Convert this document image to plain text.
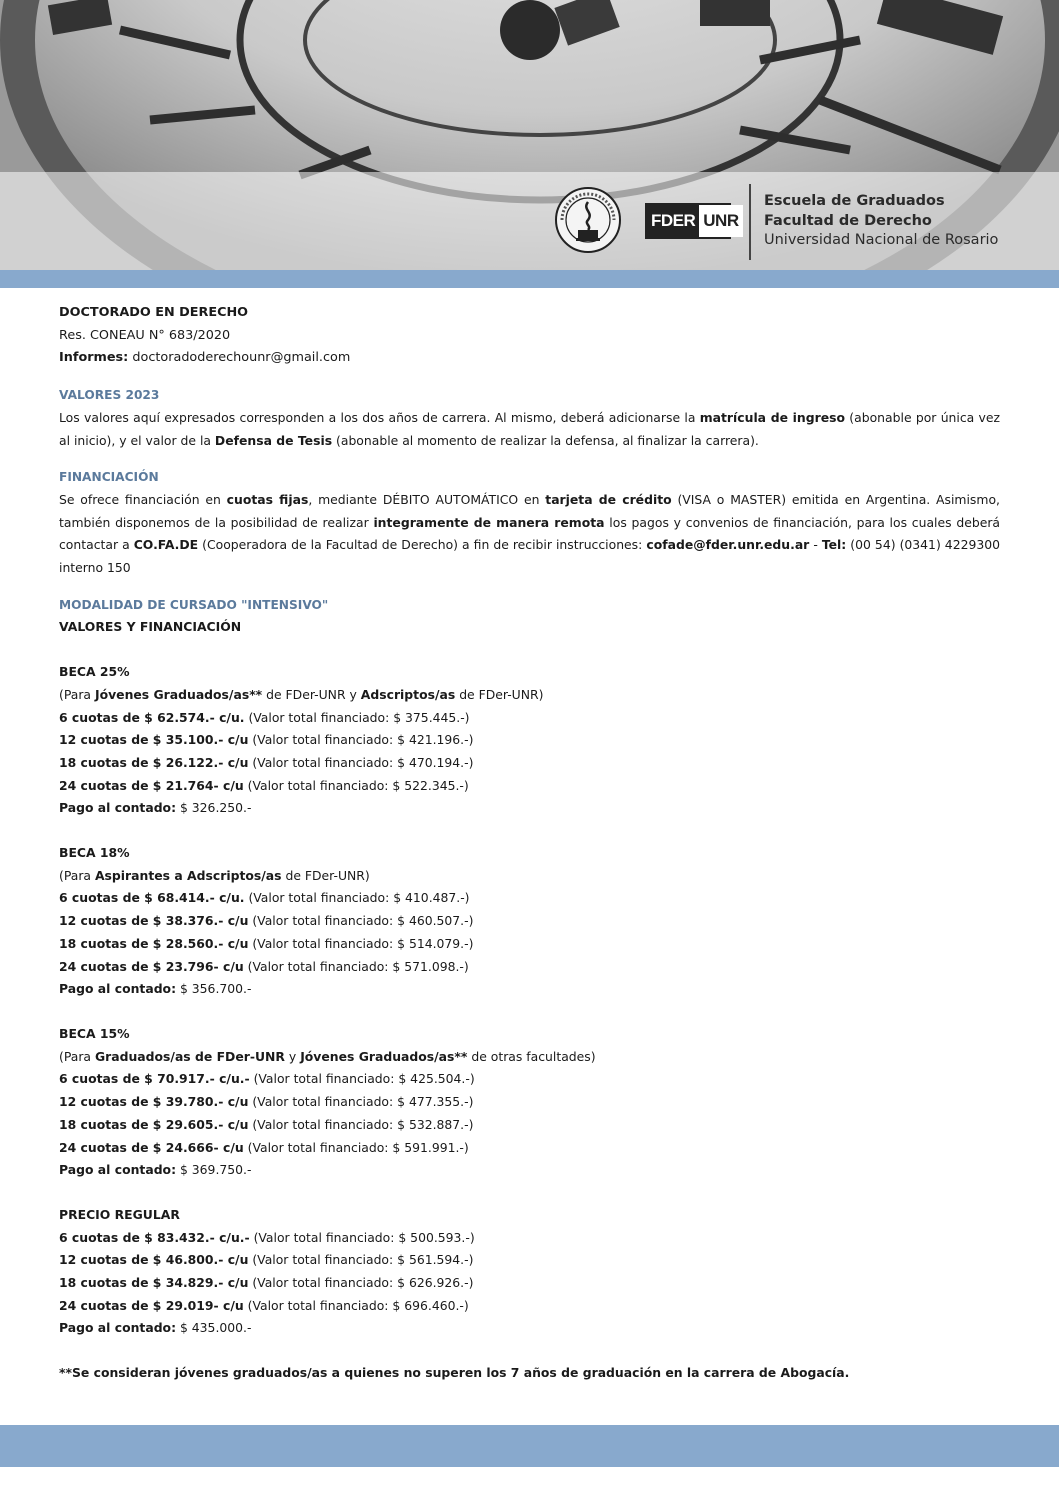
FDER UNR
Escuela de Graduados
Facultad de Derecho
Universidad Nacional de Rosario

DOCTORADO EN DERECHO

Res. CONEAU N° 683/2020

Informes: doctoradoderechounr@gmail.com

VALORES 2023

Los valores aquí expresados corresponden a los dos años de carrera. Al mismo, deberá adicionarse la matrícula de ingreso (abonable por única vez al inicio), y el valor de la Defensa de Tesis (abonable al momento de realizar la defensa, al finalizar la carrera).

FINANCIACIÓN

Se ofrece financiación en cuotas fijas, mediante DÉBITO AUTOMÁTICO en tarjeta de crédito (VISA o MASTER) emitida en Argentina. Asimismo, también disponemos de la posibilidad de realizar integramente de manera remota los pagos y convenios de financiación, para los cuales deberá contactar a CO.FA.DE (Cooperadora de la Facultad de Derecho) a fin de recibir instrucciones: cofade@fder.unr.edu.ar - Tel: (00 54) (0341) 4229300 interno 150

MODALIDAD DE CURSADO "INTENSIVO"

VALORES Y FINANCIACIÓN

BECA 25%

(Para Jóvenes Graduados/as** de FDer-UNR y Adscriptos/as de FDer-UNR)

6 cuotas de $ 62.574.- c/u. (Valor total financiado: $ 375.445.-)

12 cuotas de $ 35.100.- c/u (Valor total financiado: $ 421.196.-)

18 cuotas de $ 26.122.- c/u (Valor total financiado: $ 470.194.-)

24 cuotas de $ 21.764- c/u (Valor total financiado: $ 522.345.-)

Pago al contado: $ 326.250.-

BECA 18%

(Para Aspirantes a Adscriptos/as de FDer-UNR)

6 cuotas de $ 68.414.- c/u. (Valor total financiado: $ 410.487.-)

12 cuotas de $ 38.376.- c/u (Valor total financiado: $ 460.507.-)

18 cuotas de $ 28.560.- c/u (Valor total financiado: $ 514.079.-)

24 cuotas de $ 23.796- c/u (Valor total financiado: $ 571.098.-)

Pago al contado: $ 356.700.-

BECA 15%

(Para Graduados/as de FDer-UNR y Jóvenes Graduados/as** de otras facultades)

6 cuotas de $ 70.917.- c/u.- (Valor total financiado: $ 425.504.-)

12 cuotas de $ 39.780.- c/u (Valor total financiado: $ 477.355.-)

18 cuotas de $ 29.605.- c/u (Valor total financiado: $ 532.887.-)

24 cuotas de $ 24.666- c/u (Valor total financiado: $ 591.991.-)

Pago al contado: $ 369.750.-

PRECIO REGULAR

6 cuotas de $ 83.432.- c/u.- (Valor total financiado: $ 500.593.-)

12 cuotas de $ 46.800.- c/u (Valor total financiado: $ 561.594.-)

18 cuotas de $ 34.829.- c/u (Valor total financiado: $ 626.926.-)

24 cuotas de $ 29.019- c/u (Valor total financiado: $ 696.460.-)

Pago al contado: $ 435.000.-

**Se consideran jóvenes graduados/as a quienes no superen los 7 años de graduación en la carrera de Abogacía.
